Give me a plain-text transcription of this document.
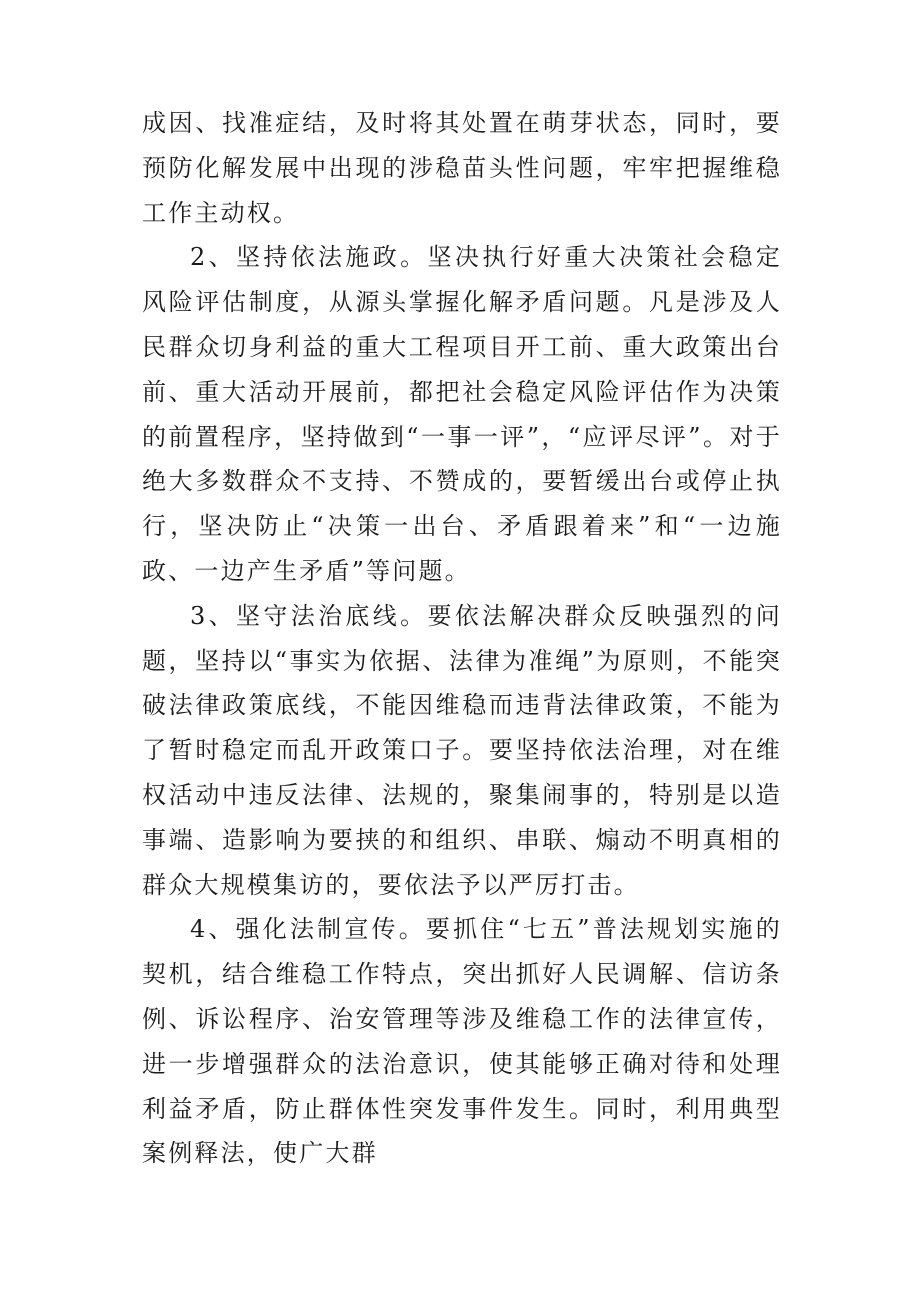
成因、找准症结，及时将其处置在萌芽状态，同时，要预防化解发展中出现的涉稳苗头性问题，牢牢把握维稳工作主动权。

2、坚持依法施政。坚决执行好重大决策社会稳定风险评估制度，从源头掌握化解矛盾问题。凡是涉及人民群众切身利益的重大工程项目开工前、重大政策出台前、重大活动开展前，都把社会稳定风险评估作为决策的前置程序，坚持做到“一事一评”，“应评尽评”。对于绝大多数群众不支持、不赞成的，要暂缓出台或停止执行，坚决防止“决策一出台、矛盾跟着来”和“一边施政、一边产生矛盾”等问题。

3、坚守法治底线。要依法解决群众反映强烈的问题，坚持以“事实为依据、法律为准绳”为原则，不能突破法律政策底线，不能因维稳而违背法律政策，不能为了暂时稳定而乱开政策口子。要坚持依法治理，对在维权活动中违反法律、法规的，聚集闹事的，特别是以造事端、造影响为要挟的和组织、串联、煽动不明真相的群众大规模集访的，要依法予以严厉打击。

4、强化法制宣传。要抓住“七五”普法规划实施的契机，结合维稳工作特点，突出抓好人民调解、信访条例、诉讼程序、治安管理等涉及维稳工作的法律宣传，进一步增强群众的法治意识，使其能够正确对待和处理利益矛盾，防止群体性突发事件发生。同时，利用典型案例释法，使广大群
